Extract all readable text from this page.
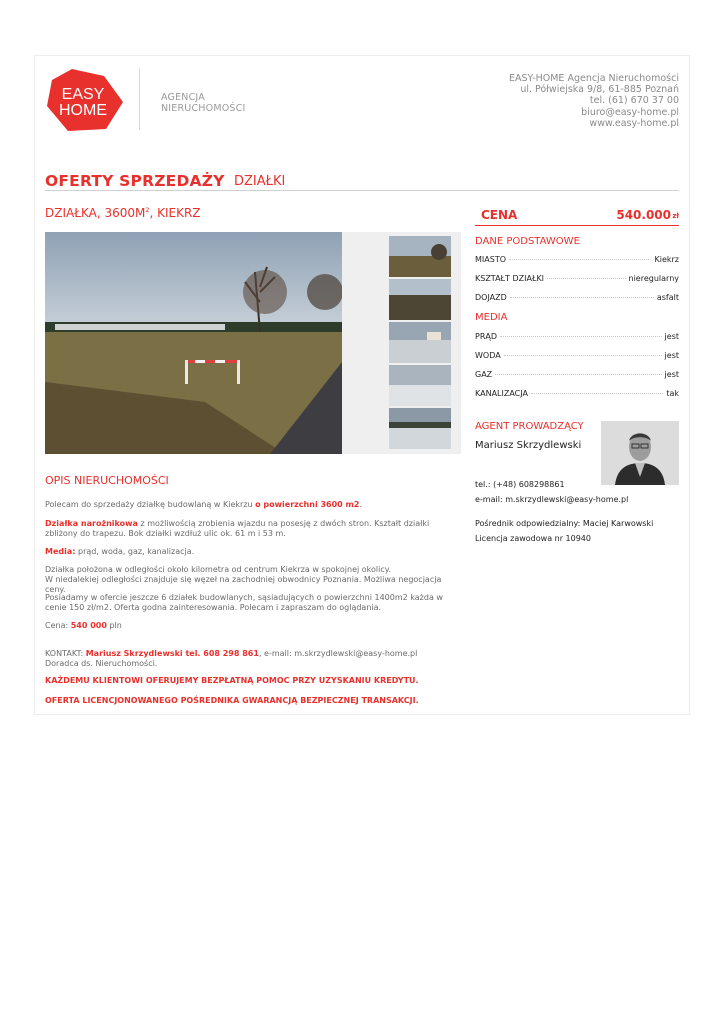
EASY
HOME
AGENCJA
NIERUCHOMOŚCI
EASY-HOME Agencja Nieruchomości
ul. Półwiejska 9/8, 61-885 Poznań
tel. (61) 670 37 00
biuro@easy-home.pl
www.easy-home.pl
OFERTY SPRZEDAŻY DZIAŁKI
DZIAŁKA, $3600M^2$, KIEKRZ	CENA	540.000 zł
DANE PODSTAWOWE
MIASTO	Kiekrz
KSZTAŁT DZIAŁKI	nieregularny
DOJAZD	asfalt
MEDIA
PRĄD	jest
WODA	jest
GAZ	jest
KANALIZACJA	tak
AGENT PROWADZĄCY
Mariusz Skrzydlewski
tel.: (+48) 608298861
e-mail: m.skrzydlewski@easy-home.pl
Pośrednik odpowiedzialny: Maciej Karwowski
Licencja zawodowa nr 10940
OPIS NIERUCHOMOŚCI
Polecam do sprzedaży działkę budowlaną w Kiekrzu o powierzchni 3600 m2.
Działka narożnikowa z możliwością zrobienia wjazdu na posesję z dwóch stron. Kształt działki zbliżony do trapezu. Bok działki wzdłuż ulic ok. 61 m i 53 m.
Media: prąd, woda, gaz, kanalizacja.
Działka położona w odległości około kilometra od centrum Kiekrza w spokojnej okolicy.
W niedalekiej odległości znajduje się węzeł na zachodniej obwodnicy Poznania. Możliwa negocjacja ceny.
Posiadamy w ofercie jeszcze 6 działek budowlanych, sąsiadujących o powierzchni 1400m2 każda w cenie 150 zł/m2. Oferta godna zainteresowania. Polecam i zapraszam do oglądania.
Cena: 540 000 pln
KONTAKT: Mariusz Skrzydlewski tel. 608 298 861, e-mail: m.skrzydlewski@easy-home.pl
Doradca ds. Nieruchomości.
KAŻDEMU KLIENTOWI OFERUJEMY BEZPŁATNĄ POMOC PRZY UZYSKANIU KREDYTU.
OFERTA LICENCJONOWANEGO POŚREDNIKA GWARANCJĄ BEZPIECZNEJ TRANSAKCJI.
